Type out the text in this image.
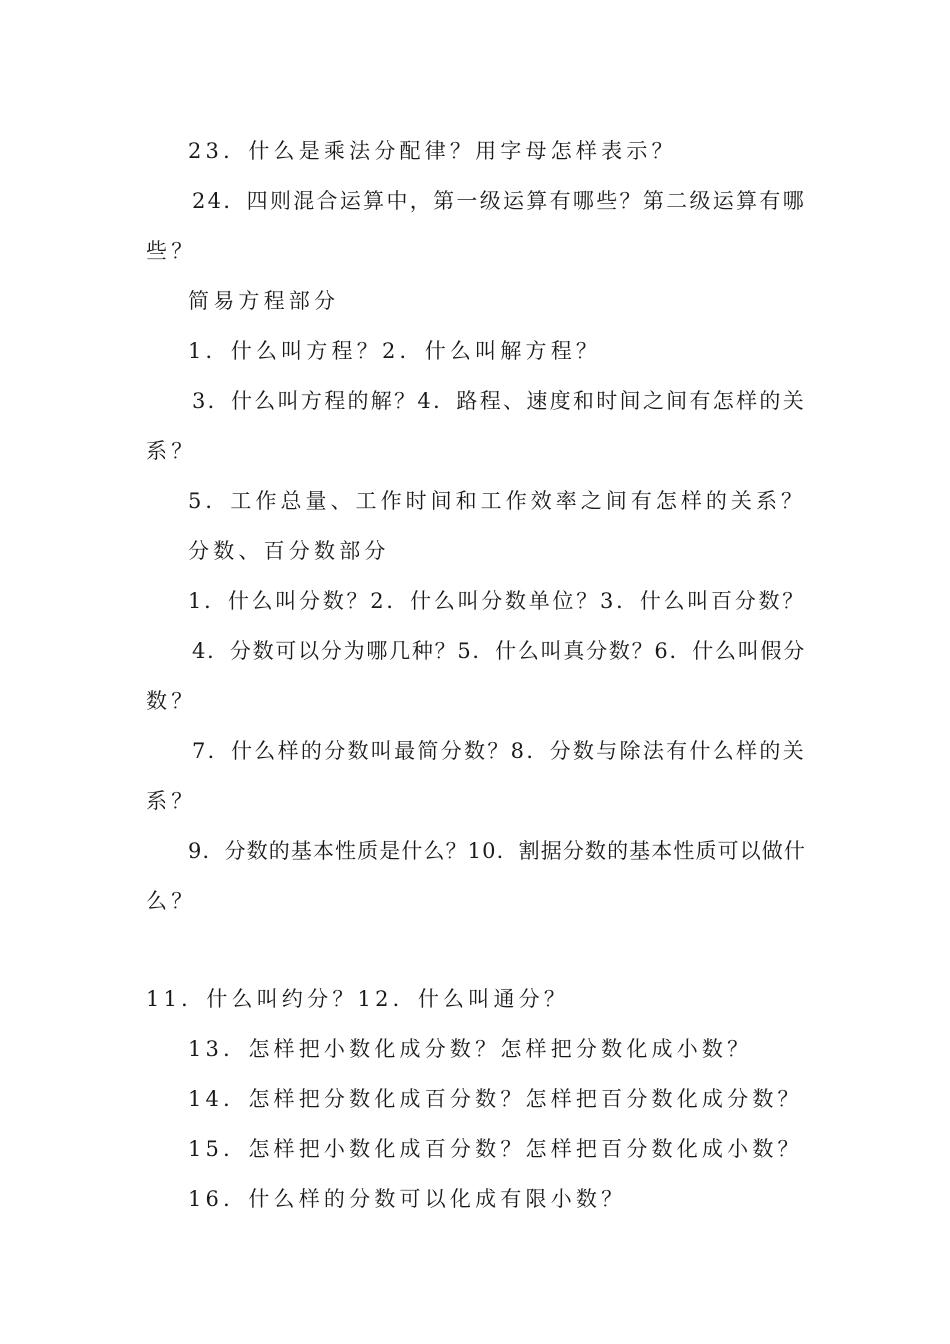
23．什么是乘法分配律？用字母怎样表示？

24．四则混合运算中，第一级运算有哪些？第二级运算有哪

些？

简易方程部分

1．什么叫方程？2．什么叫解方程？

3．什么叫方程的解？4．路程、速度和时间之间有怎样的关

系？

5．工作总量、工作时间和工作效率之间有怎样的关系？

分数、百分数部分

1．什么叫分数？2．什么叫分数单位？3．什么叫百分数？

4．分数可以分为哪几种？5．什么叫真分数？6．什么叫假分

数？

7．什么样的分数叫最简分数？8．分数与除法有什么样的关

系？

9．分数的基本性质是什么？10．割据分数的基本性质可以做什

么？

11．什么叫约分？12．什么叫通分？

13．怎样把小数化成分数？怎样把分数化成小数？

14．怎样把分数化成百分数？怎样把百分数化成分数？

15．怎样把小数化成百分数？怎样把百分数化成小数？

16．什么样的分数可以化成有限小数？
